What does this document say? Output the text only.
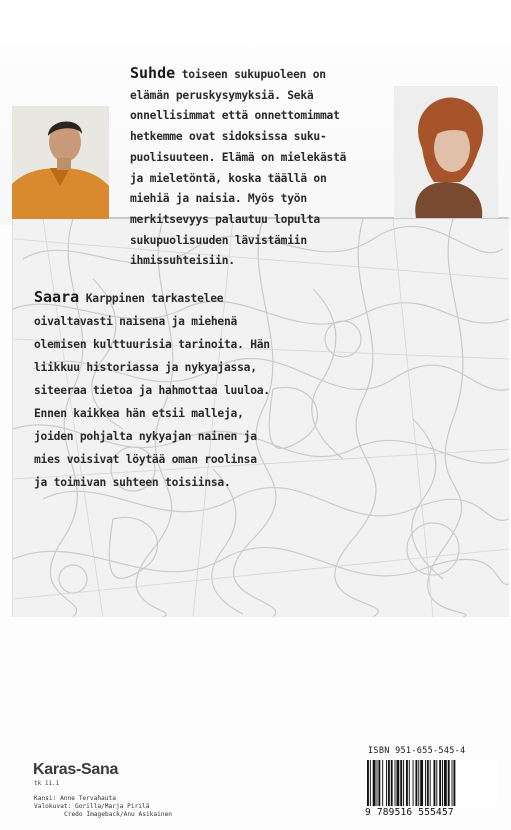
Suhde toiseen sukupuoleen on
elämän peruskysymyksiä. Sekä
onnellisimmat että onnettomimmat
hetkemme ovat sidoksissa suku-
puolisuuteen. Elämä on mielekästä
ja mieletöntä, koska täällä on
miehiä ja naisia. Myös työn
merkitsevyys palautuu lopulta
sukupuolisuuden lävistämiin
ihmissuhteisiin.
Saara Karppinen tarkastelee
oivaltavasti naisena ja miehenä
olemisen kulttuurisia tarinoita. Hän
liikkuu historiassa ja nykyajassa,
siteeraa tietoa ja hahmottaa luuloa.
Ennen kaikkea hän etsii malleja,
joiden pohjalta nykyajan nainen ja
mies voisivat löytää oman roolinsa
ja toimivan suhteen toisiinsa.
Karas-Sana
tk 11.1
Kansi: Anne Tervahauta
Valokuvat: Gorilla/Marja Pirilä
Credo Imageback/Anu Asikainen
ISBN 951-655-545-4
9 789516 555457
